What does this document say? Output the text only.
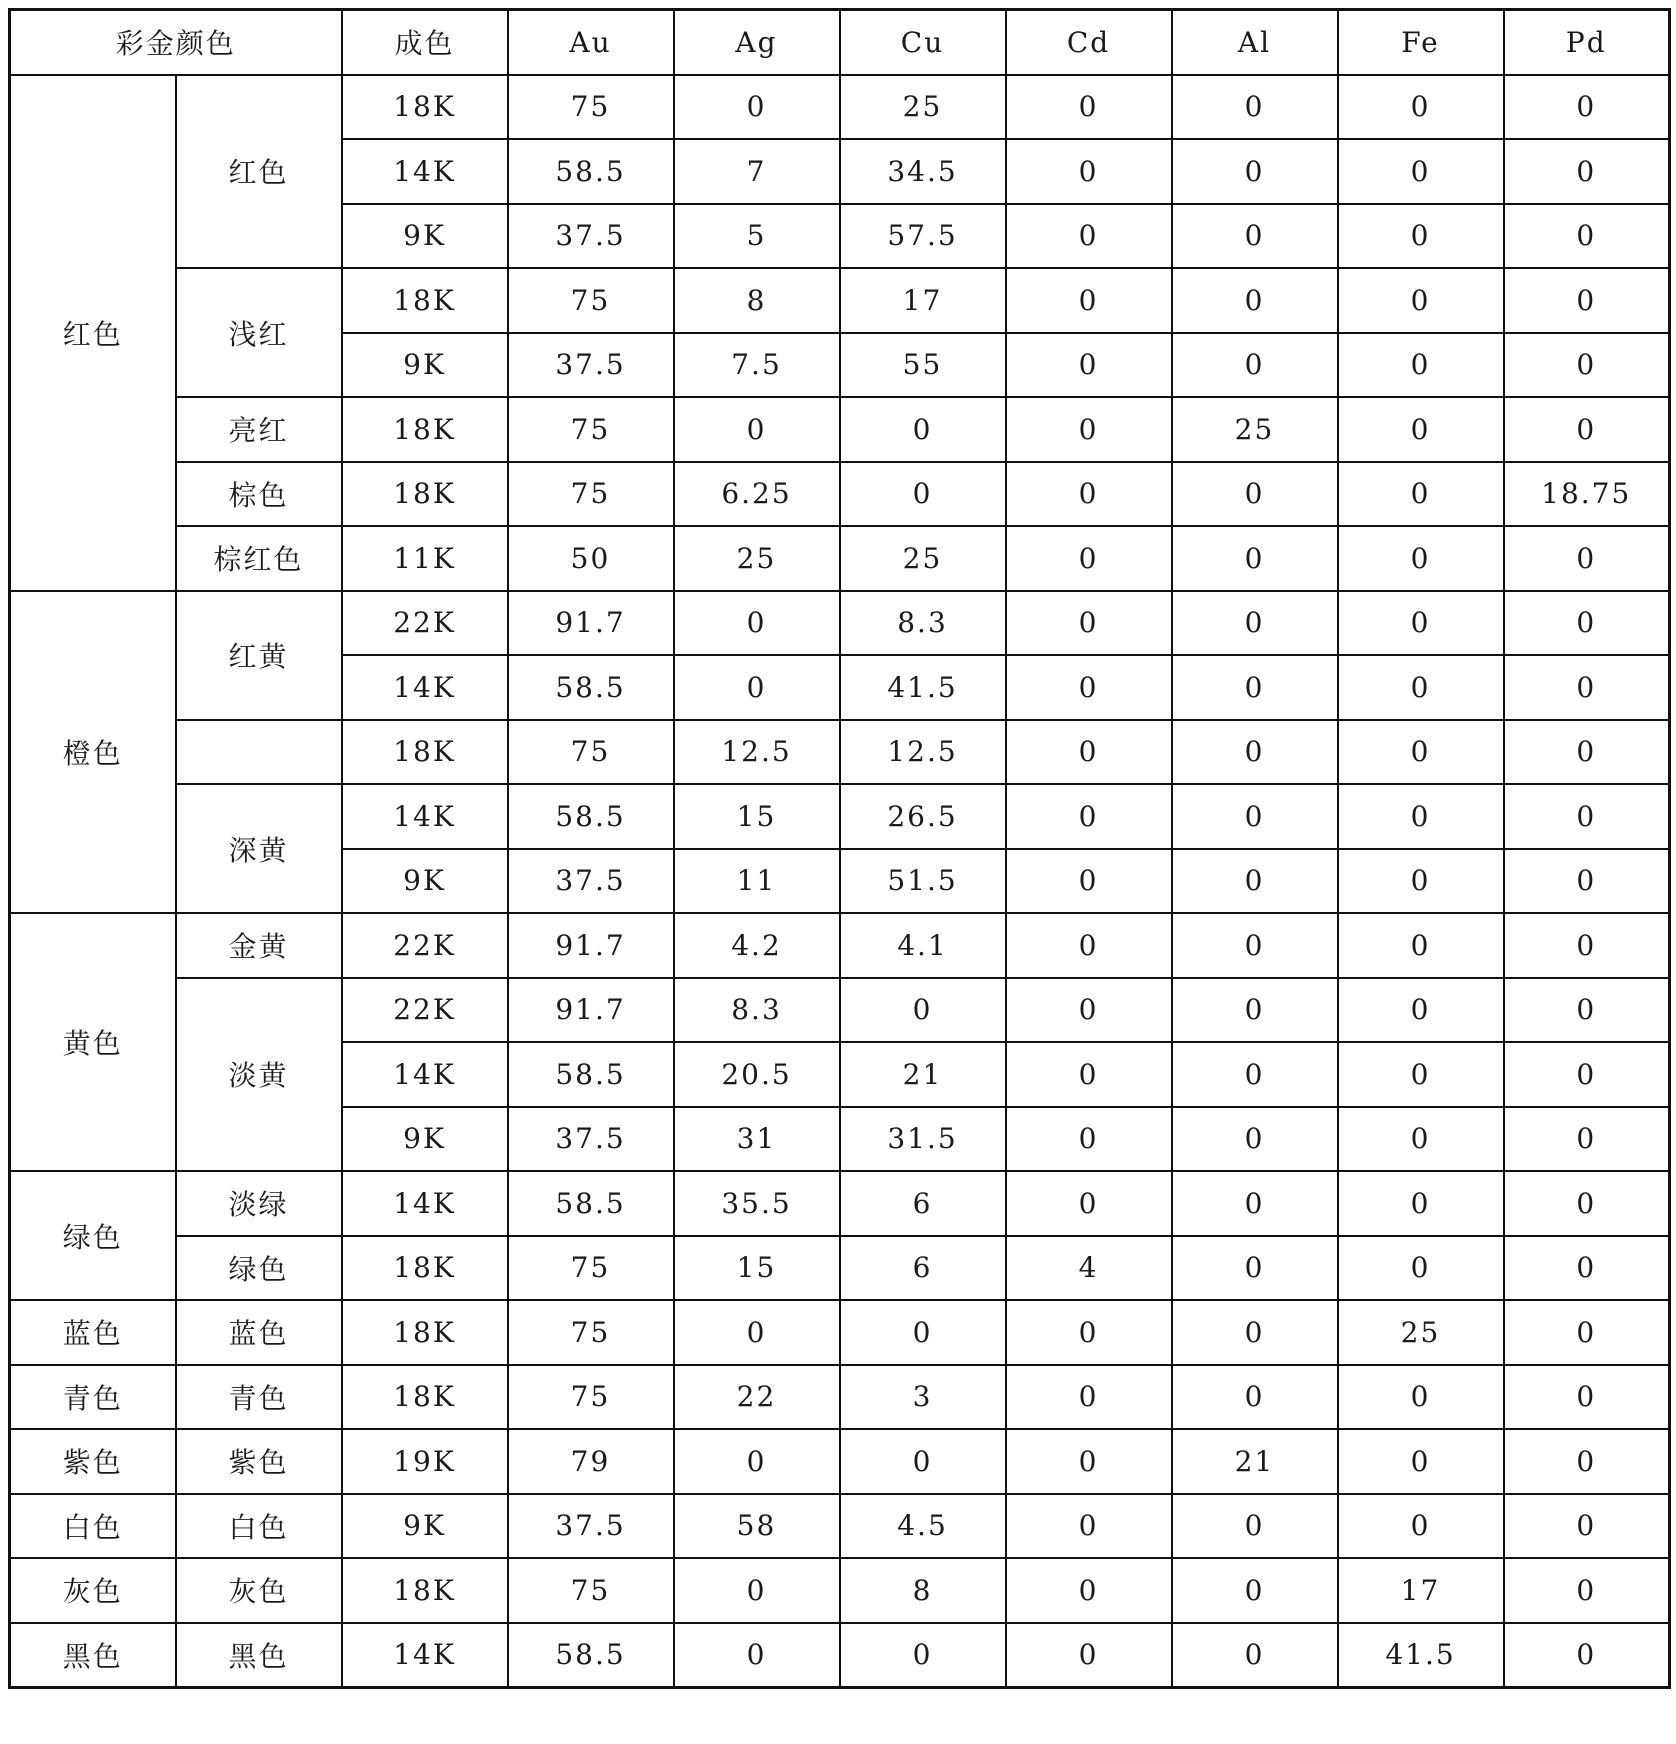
彩金颜色		成色	Au	Ag	Cu	Cd	Al	Fe	Pd
红色	红色	18K	75	0	25	0	0	0	0
		14K	58.5	7	34.5	0	0	0	0
		9K	37.5	5	57.5	0	0	0	0
	浅红	18K	75	8	17	0	0	0	0
		9K	37.5	7.5	55	0	0	0	0
	亮红	18K	75	0	0	0	25	0	0
	棕色	18K	75	6.25	0	0	0	0	18.75
	棕红色	11K	50	25	25	0	0	0	0
橙色	红黄	22K	91.7	0	8.3	0	0	0	0
		14K	58.5	0	41.5	0	0	0	0
		18K	75	12.5	12.5	0	0	0	0
	深黄	14K	58.5	15	26.5	0	0	0	0
		9K	37.5	11	51.5	0	0	0	0
黄色	金黄	22K	91.7	4.2	4.1	0	0	0	0
	淡黄	22K	91.7	8.3	0	0	0	0	0
		14K	58.5	20.5	21	0	0	0	0
		9K	37.5	31	31.5	0	0	0	0
绿色	淡绿	14K	58.5	35.5	6	0	0	0	0
	绿色	18K	75	15	6	4	0	0	0
蓝色	蓝色	18K	75	0	0	0	0	25	0
青色	青色	18K	75	22	3	0	0	0	0
紫色	紫色	19K	79	0	0	0	21	0	0
白色	白色	9K	37.5	58	4.5	0	0	0	0
灰色	灰色	18K	75	0	8	0	0	17	0
黑色	黑色	14K	58.5	0	0	0	0	41.5	0
